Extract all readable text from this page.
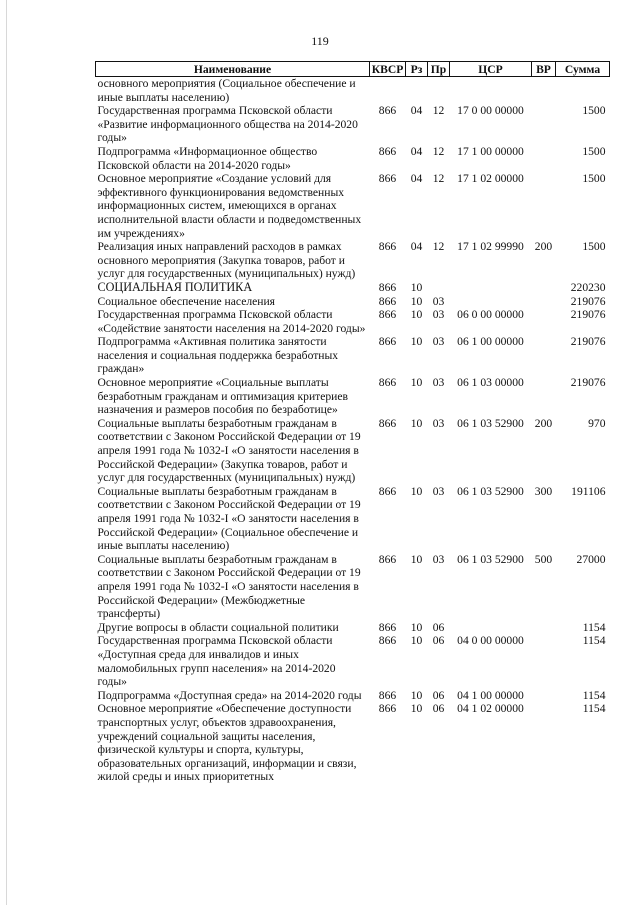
119
Наименование	КВСР	Рз	Пр	ЦСР	ВР	Сумма
основного мероприятия (Социальное обеспечение и иные выплаты населению)						
Государственная программа Псковской области «Развитие информационного общества на 2014-2020 годы»	866	04	12	17 0 00 00000		1500
Подпрограмма «Информационное общество Псковской области на 2014-2020 годы»	866	04	12	17 1 00 00000		1500
Основное мероприятие «Создание условий для эффективного функционирования ведомственных информационных систем, имеющихся в органах исполнительной власти области и подведомственных им учреждениях»	866	04	12	17 1 02 00000		1500
Реализация иных направлений расходов в рамках основного мероприятия (Закупка товаров, работ и услуг для государственных (муниципальных) нужд)	866	04	12	17 1 02 99990	200	1500
СОЦИАЛЬНАЯ ПОЛИТИКА	866	10				220230
Социальное обеспечение населения	866	10	03			219076
Государственная программа Псковской области «Содействие занятости населения на 2014-2020 годы»	866	10	03	06 0 00 00000		219076
Подпрограмма «Активная политика занятости населения и социальная поддержка безработных граждан»	866	10	03	06 1 00 00000		219076
Основное мероприятие «Социальные выплаты безработным гражданам и оптимизация критериев назначения и размеров пособия по безработице»	866	10	03	06 1 03 00000		219076
Социальные выплаты безработным гражданам в соответствии с Законом Российской Федерации от 19 апреля 1991 года № 1032-I «О занятости населения в Российской Федерации» (Закупка товаров, работ и услуг для государственных (муниципальных) нужд)	866	10	03	06 1 03 52900	200	970
Социальные выплаты безработным гражданам в соответствии с Законом Российской Федерации от 19 апреля 1991 года № 1032-I «О занятости населения в Российской Федерации» (Социальное обеспечение и иные выплаты населению)	866	10	03	06 1 03 52900	300	191106
Социальные выплаты безработным гражданам в соответствии с Законом Российской Федерации от 19 апреля 1991 года № 1032-I «О занятости населения в Российской Федерации» (Межбюджетные трансферты)	866	10	03	06 1 03 52900	500	27000
Другие вопросы в области социальной политики	866	10	06			1154
Государственная программа Псковской области «Доступная среда для инвалидов и иных маломобильных групп населения» на 2014-2020 годы»	866	10	06	04 0 00 00000		1154
Подпрограмма «Доступная среда» на 2014-2020 годы	866	10	06	04 1 00 00000		1154
Основное мероприятие «Обеспечение доступности транспортных услуг, объектов здравоохранения, учреждений социальной защиты населения, физической культуры и спорта, культуры, образовательных организаций, информации и связи, жилой среды и иных приоритетных	866	10	06	04 1 02 00000		1154
